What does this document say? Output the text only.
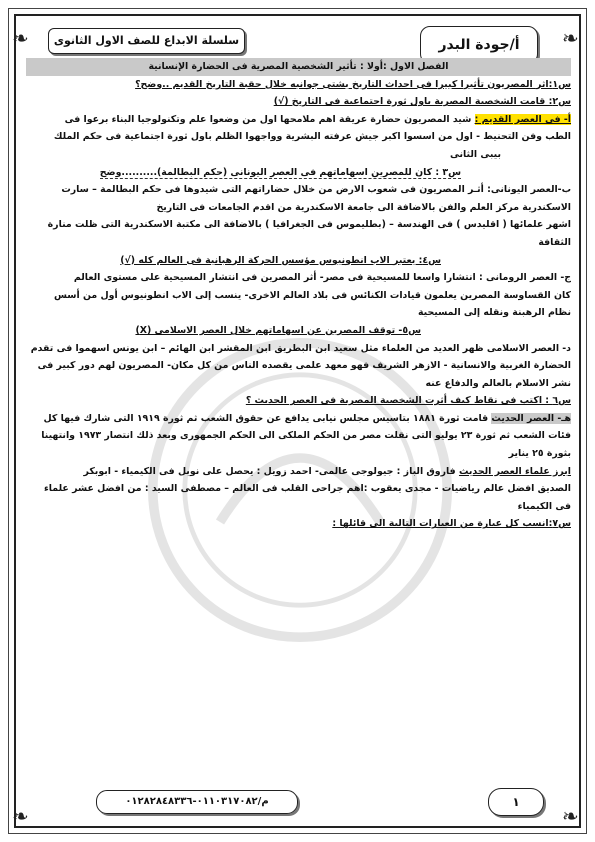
❧	❧
❧	❧
أ/جودة البدر
سلسلة الابداع للصف الاول الثانوى
الفصل الاول :أولا : تأثير الشخصية المصرية فى الحضارة الإنسانية
س١:اثر المصريون تأثيرا كبيرا فى احداث التاريخ بشتى جوانبه خلال حقبة التاريخ القديم ..وضح؟
س٢: قامت الشخصية المصرية باول ثورة اجتماعية فى التاريخ (√)
أ- فى العصر القديم : شيد المصريون حضارة عريقة اهم ملامحها اول من وضعوا علم وتكنولوجيا البناء برعوا فى
الطب وفن التحنيط - اول من اسسوا اكبر جيش عرفته البشرية وواجهوا الظلم باول ثورة اجتماعية فى حكم الملك
بيبى الثانى
س٣ : كان للمصرين اسهاماتهم فى العصر اليونانى (حكم البطالمة)..........وضح
ب-العصر اليونانى: أثـر المصريون فى شعوب الارض من خلال حضاراتهم التى شيدوها فى حكم البطالمة – سارت
الاسكندرية مركز العلم والفن بالاضافة الى جامعة الاسكندرية من اقدم الجامعات فى التاريخ
اشهر علمائها ( اقليدس ) فى الهندسة – (بطليموس فى الجغرافيا ) بالاضافة الى مكتبة الاسكندرية التى ظلت منارة
الثقافة
س٤: يعتبر الاب انطونيوس مؤسس الحركة الرهبانية فى العالم كله (√)
ج- العصر الرومانى : انتشارا واسعا للمسيحية فى مصر- أثر المصرين فى انتشار المسيحية على مستوى العالم
كان القساوسة المصرين يعلمون قيادات الكنائس فى بلاد العالم الاخرى- ينسب إلى الاب انطونيوس أول من أسس
نظام الرهبنة ونقله إلى المسيحية
س٥- توقف المصرين عن اسهاماتهم خلال العصر الاسلامى (X)
د- العصر الاسلامى ظهر العديد من العلماء مثل سعيد ابن البطريق ابن المقشر ابن الهائم – ابن يونس اسهموا فى تقدم
الحضارة الغربية والانسانية - الازهر الشريف فهو معهد علمى يقصده الناس من كل مكان- المصريون لهم دور كبير فى
نشر الاسلام بالعالم والدفاع عنه
س٦ : اكتب فى نقاط كيف أثرت الشخصية المصرية فى العصر الحديث ؟
هـ- العصر الحديث قامت ثورة ١٨٨١ بتاسيس مجلس نيابى يدافع عن حقوق الشعب ثم ثورة ١٩١٩ التى شارك فيها كل
فئات الشعب ثم ثورة ٢٣ يوليو التى نقلت مصر من الحكم الملكى الى الحكم الجمهورى وبعد ذلك انتصار ١٩٧٣ وانتهينا
بثورة ٢٥ يناير
ابرز علماء العصر الحديث فاروق الباز : جيولوجى عالمى- احمد زويل : يحصل على نوبل فى الكيمياء - ابوبكر
الصديق افضل عالم رياضيات - مجدى يعقوب :اهم جراحى القلب فى العالم – مصطفى السيد : من افضل عشر علماء
فى الكيمياء
س٧:انسب كل عبارة من العبارات التالية الى قائلها :
م/٠١١٠٣١٧٠٨٢-٠١٢٨٢٨٤٨٣٣٦	١
